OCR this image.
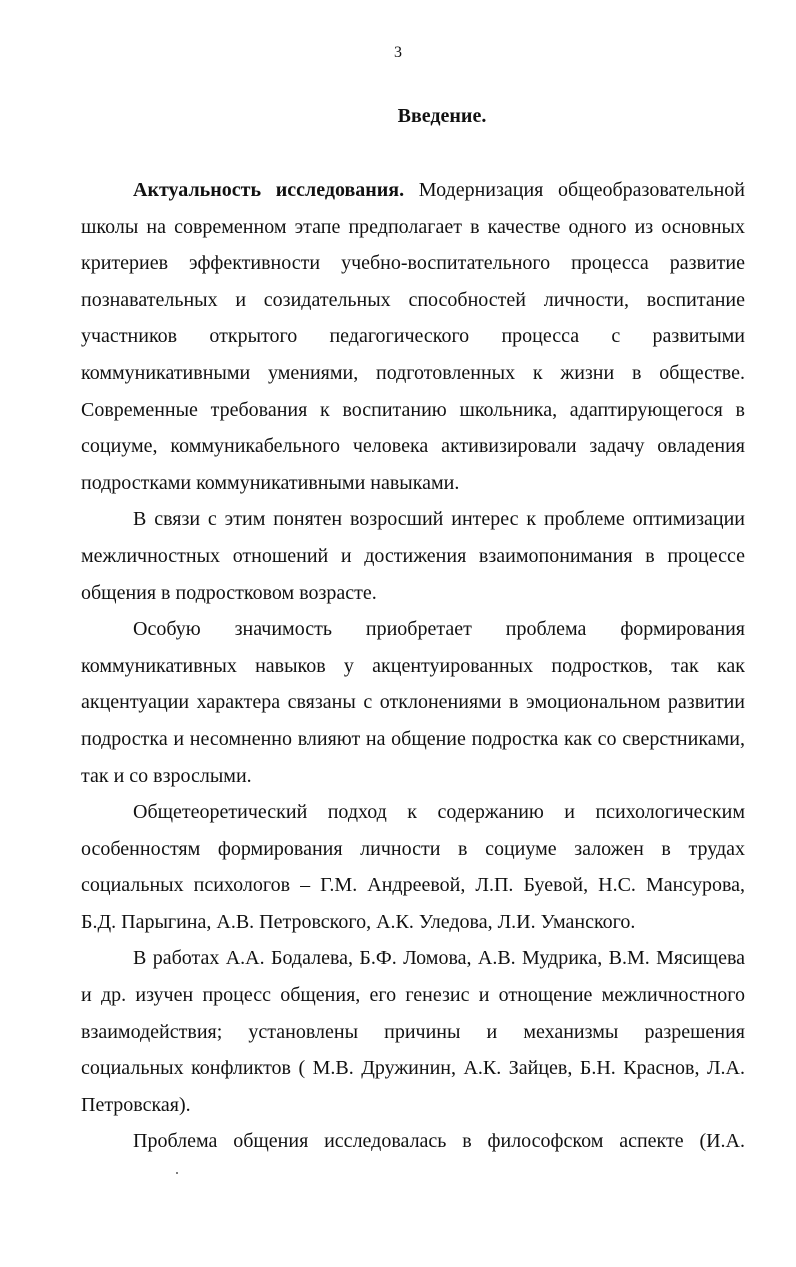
3
Введение.
Актуальность исследования. Модернизация общеобразовательной
школы на современном этапе предполагает в качестве одного из основных
критериев эффективности учебно-воспитательного процесса развитие
познавательных и созидательных способностей личности, воспитание
участников открытого педагогического процесса с развитыми
коммуникативными умениями, подготовленных к жизни в обществе.
Современные требования к воспитанию школьника, адаптирующегося в
социуме, коммуникабельного человека активизировали задачу овладения
подростками коммуникативными навыками.
В связи с этим понятен возросший интерес к проблеме оптимизации
межличностных отношений и достижения взаимопонимания в процессе
общения в подростковом возрасте.
Особую значимость приобретает проблема формирования
коммуникативных навыков у акцентуированных подростков, так как
акцентуации характера связаны с отклонениями в эмоциональном развитии
подростка и несомненно влияют на общение подростка как со сверстниками,
так и со взрослыми.
Общетеоретический подход к содержанию и психологическим
особенностям формирования личности в социуме заложен в трудах
социальных психологов – Г.М. Андреевой, Л.П. Буевой, Н.С. Мансурова,
Б.Д. Парыгина, А.В. Петровского, А.К. Уледова, Л.И. Уманского.
В работах А.А. Бодалева, Б.Ф. Ломова, А.В. Мудрика, В.М. Мясищева
и др. изучен процесс общения, его генезис и отнощение межличностного
взаимодействия; установлены причины и механизмы разрешения
социальных конфликтов ( М.В. Дружинин, А.К. Зайцев, Б.Н. Краснов, Л.А.
Петровская).
Проблема общения исследовалась в философском аспекте (И.А.
